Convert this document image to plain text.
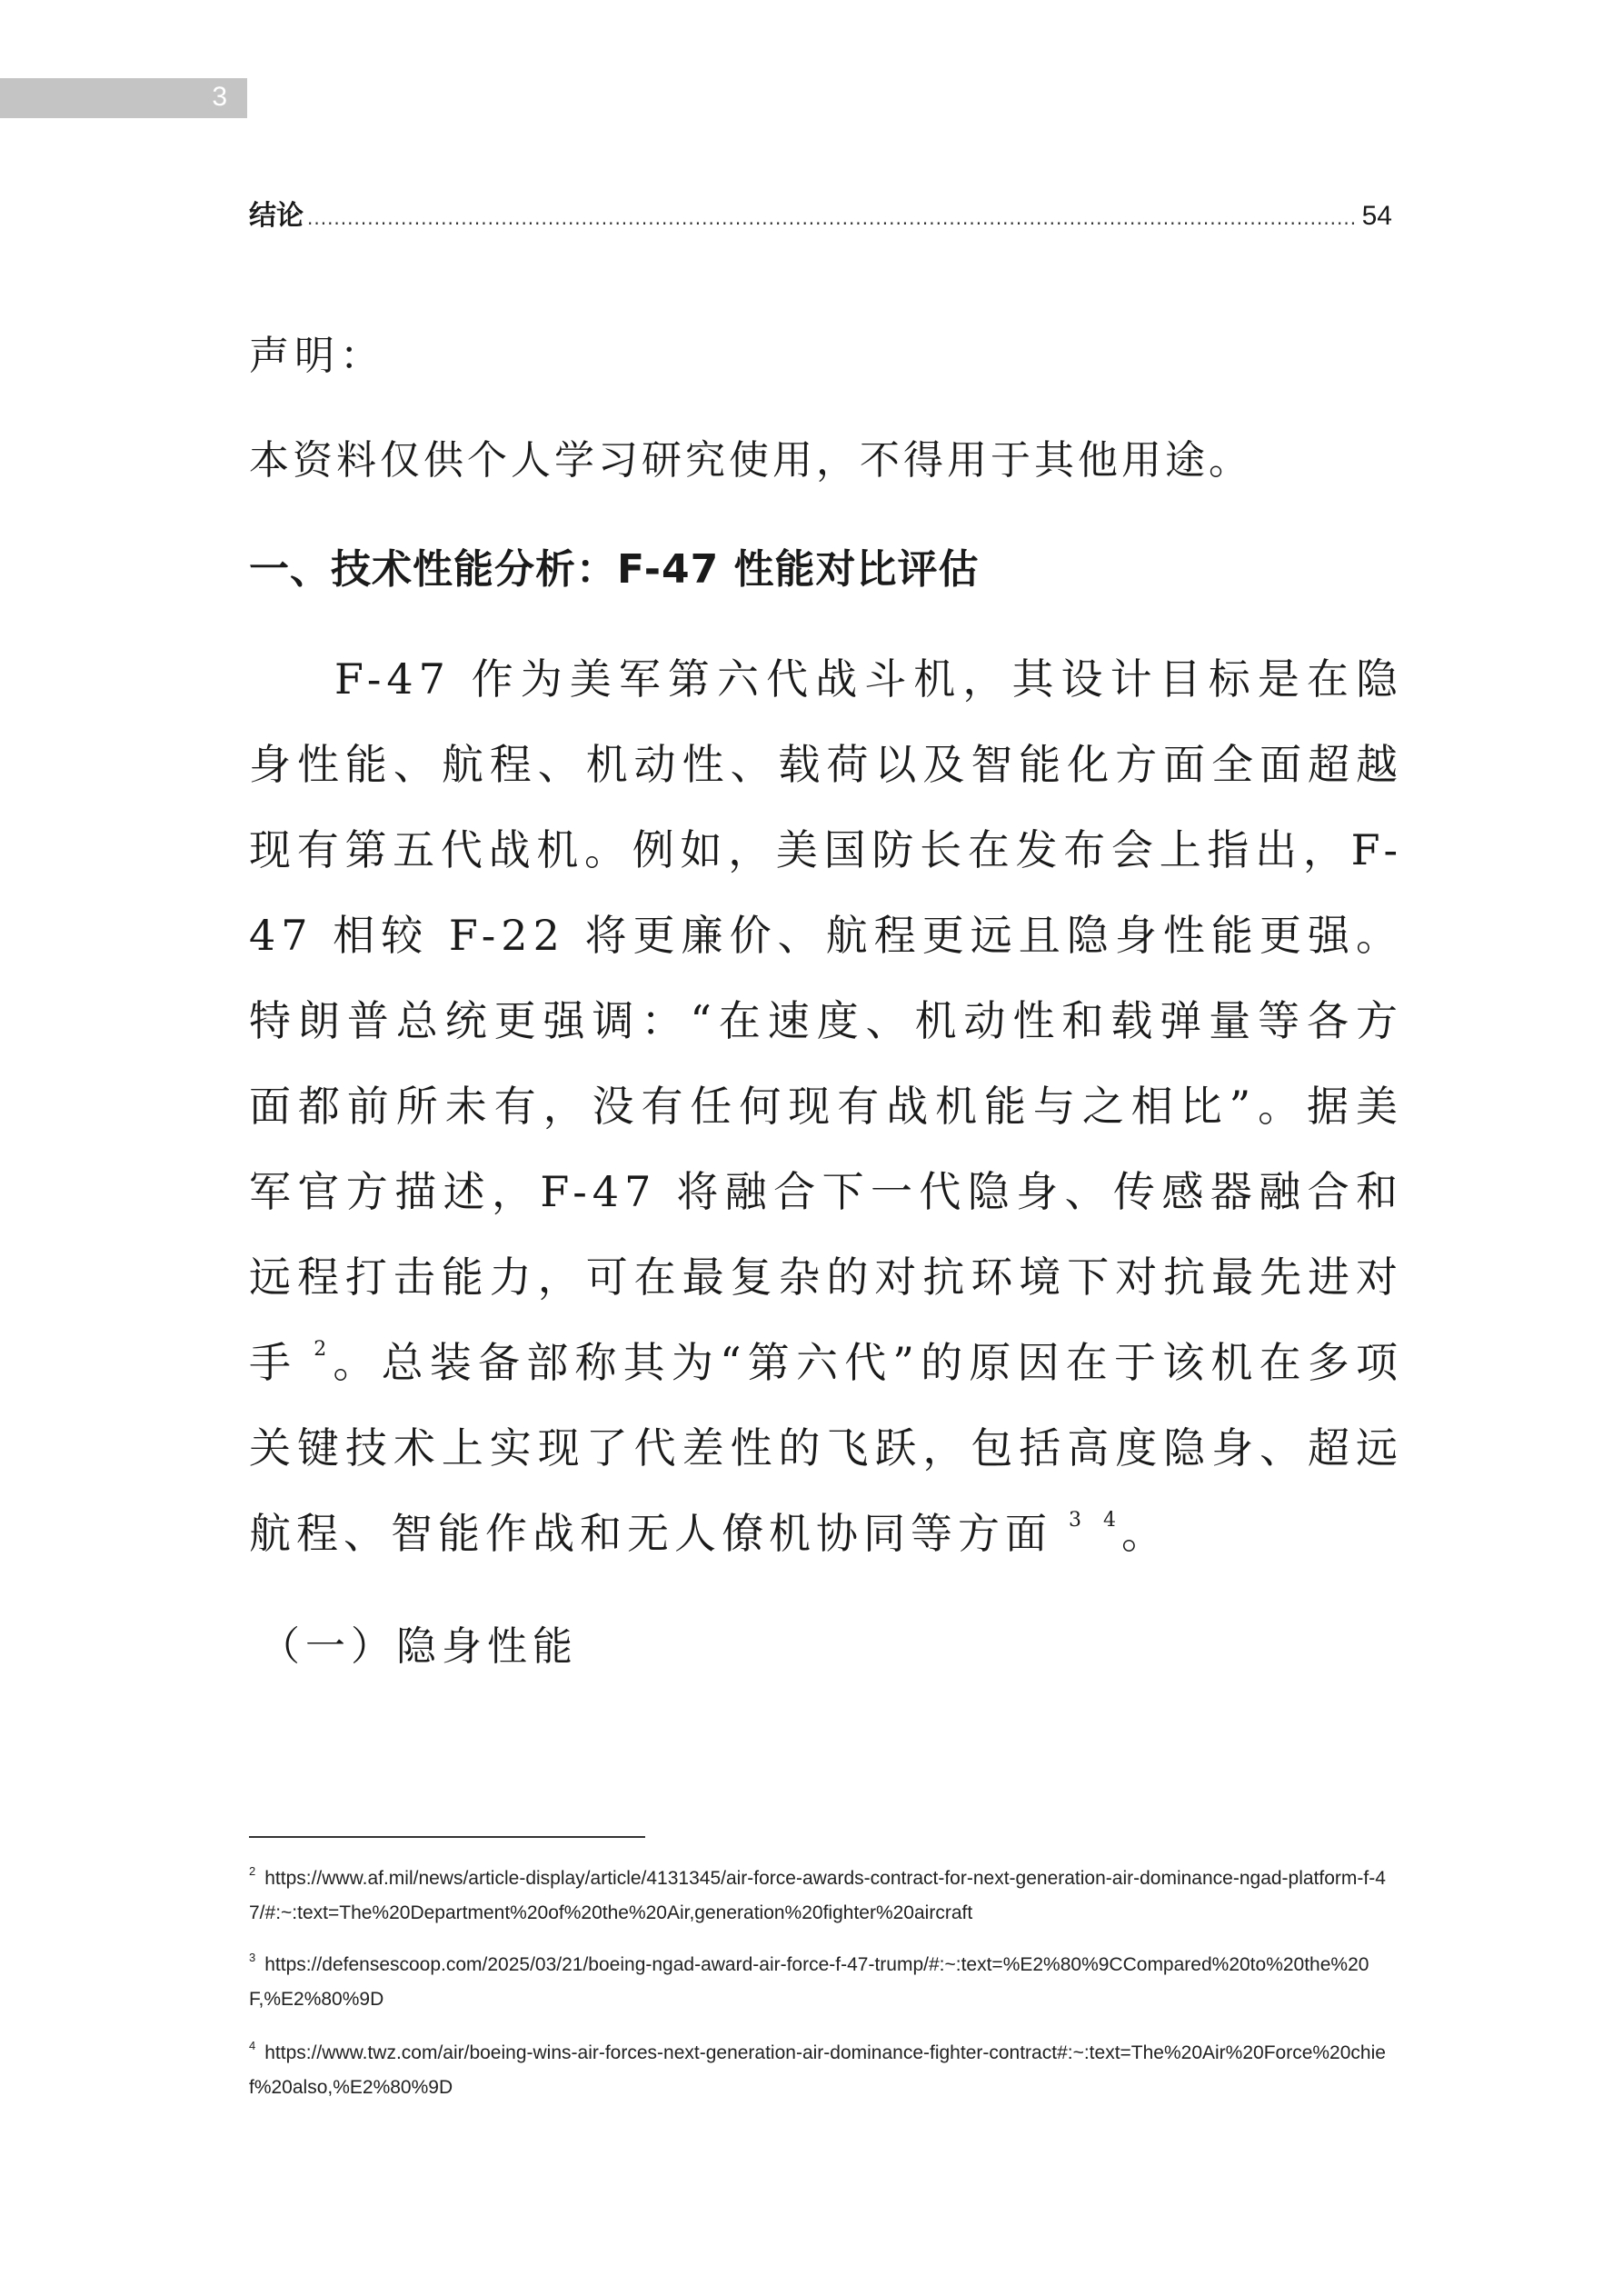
3
结论
.....	54
声明：
本资料仅供个人学习研究使用，不得用于其他用途。
一、技术性能分析：F-47 性能对比评估

F-47 作为美军第六代战斗机，其设计目标是在隐身性能、航程、机动性、载荷以及智能化方面全面超越现有第五代战机。例如，美国防长在发布会上指出，F-47 相较 F-22 将更廉价、航程更远且隐身性能更强。特朗普总统更强调：“在速度、机动性和载弹量等各方面都前所未有，没有任何现有战机能与之相比”。据美军官方描述，F-47 将融合下一代隐身、传感器融合和远程打击能力，可在最复杂的对抗环境下对抗最先进对手 $^2$ 。总装备部称其为“第六代”的原因在于该机在多项关键技术上实现了代差性的飞跃，包括高度隐身、超远航程、智能作战和无人僚机协同等方面 $^3$ $^4$ 。

（一）隐身性能
$^2$ https://www.af.mil/news/article-display/article/4131345/air-force-awards-contract-for-next-generation-air-dominance-ngad-platform-f-47/#:~:text=The%20Department%20of%20the%20Air,generation%20fighter%20aircraft
$^3$ https://defensescoop.com/2025/03/21/boeing-ngad-award-air-force-f-47-trump/#:~:text=%E2%80%9CCompared%20to%20the%20F,%E2%80%9D
$^4$ https://www.twz.com/air/boeing-wins-air-forces-next-generation-air-dominance-fighter-contract#:~:text=The%20Air%20Force%20chief%20also,%E2%80%9D
